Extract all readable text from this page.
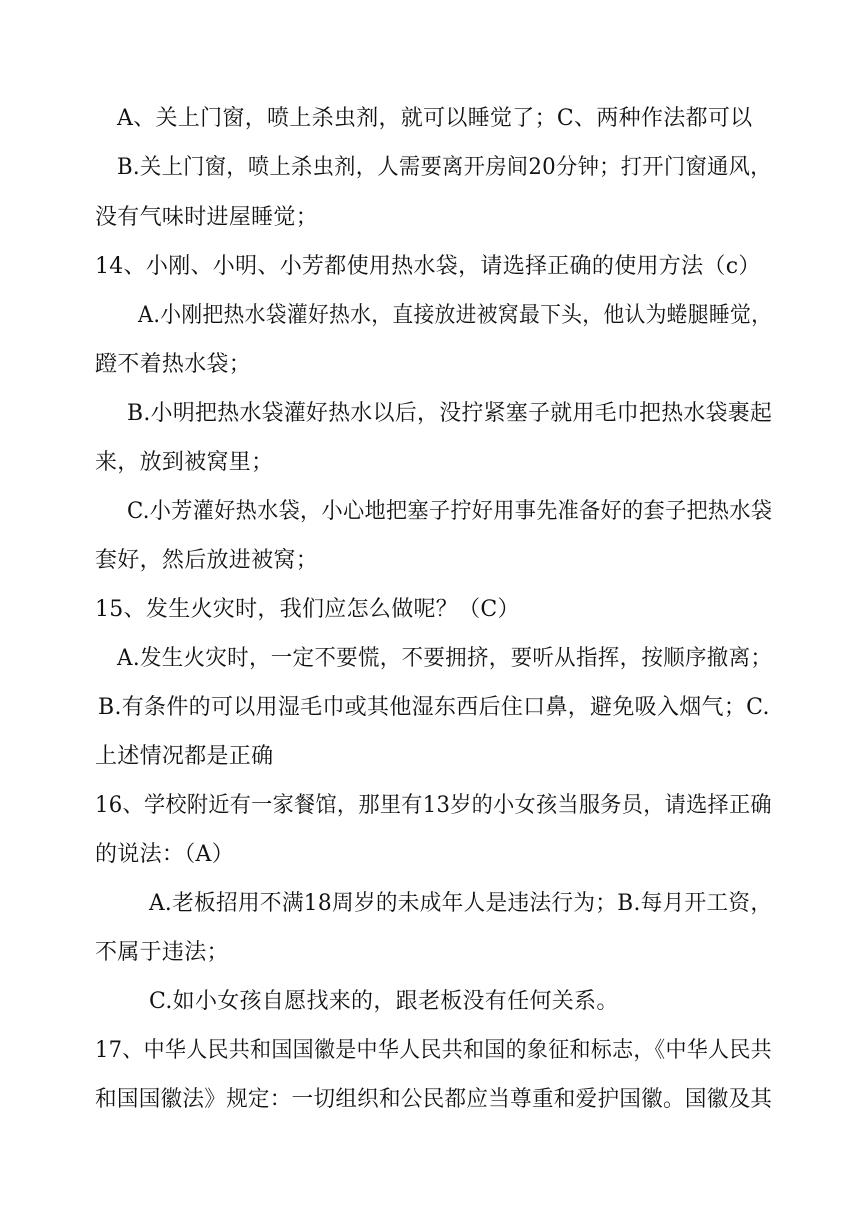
A、关上门窗，喷上杀虫剂，就可以睡觉了；C、两种作法都可以
B.关上门窗，喷上杀虫剂，人需要离开房间20分钟；打开门窗通风，
没有气味时进屋睡觉；
14、小刚、小明、小芳都使用热水袋，请选择正确的使用方法（c）
A.小刚把热水袋灌好热水，直接放进被窝最下头，他认为蜷腿睡觉，
蹬不着热水袋；
B.小明把热水袋灌好热水以后，没拧紧塞子就用毛巾把热水袋裹起
来，放到被窝里；
C.小芳灌好热水袋，小心地把塞子拧好用事先准备好的套子把热水袋
套好，然后放进被窝；
15、发生火灾时，我们应怎么做呢？（C）
A.发生火灾时，一定不要慌，不要拥挤，要听从指挥，按顺序撤离；
B.有条件的可以用湿毛巾或其他湿东西后住口鼻，避免吸入烟气；C.
上述情况都是正确
16、学校附近有一家餐馆，那里有13岁的小女孩当服务员，请选择正确
的说法：（A）
A.老板招用不满18周岁的未成年人是违法行为；B.每月开工资，
不属于违法；
C.如小女孩自愿找来的，跟老板没有任何关系。
17、中华人民共和国国徽是中华人民共和国的象征和标志，《中华人民共
和国国徽法》规定：一切组织和公民都应当尊重和爱护国徽。国徽及其
